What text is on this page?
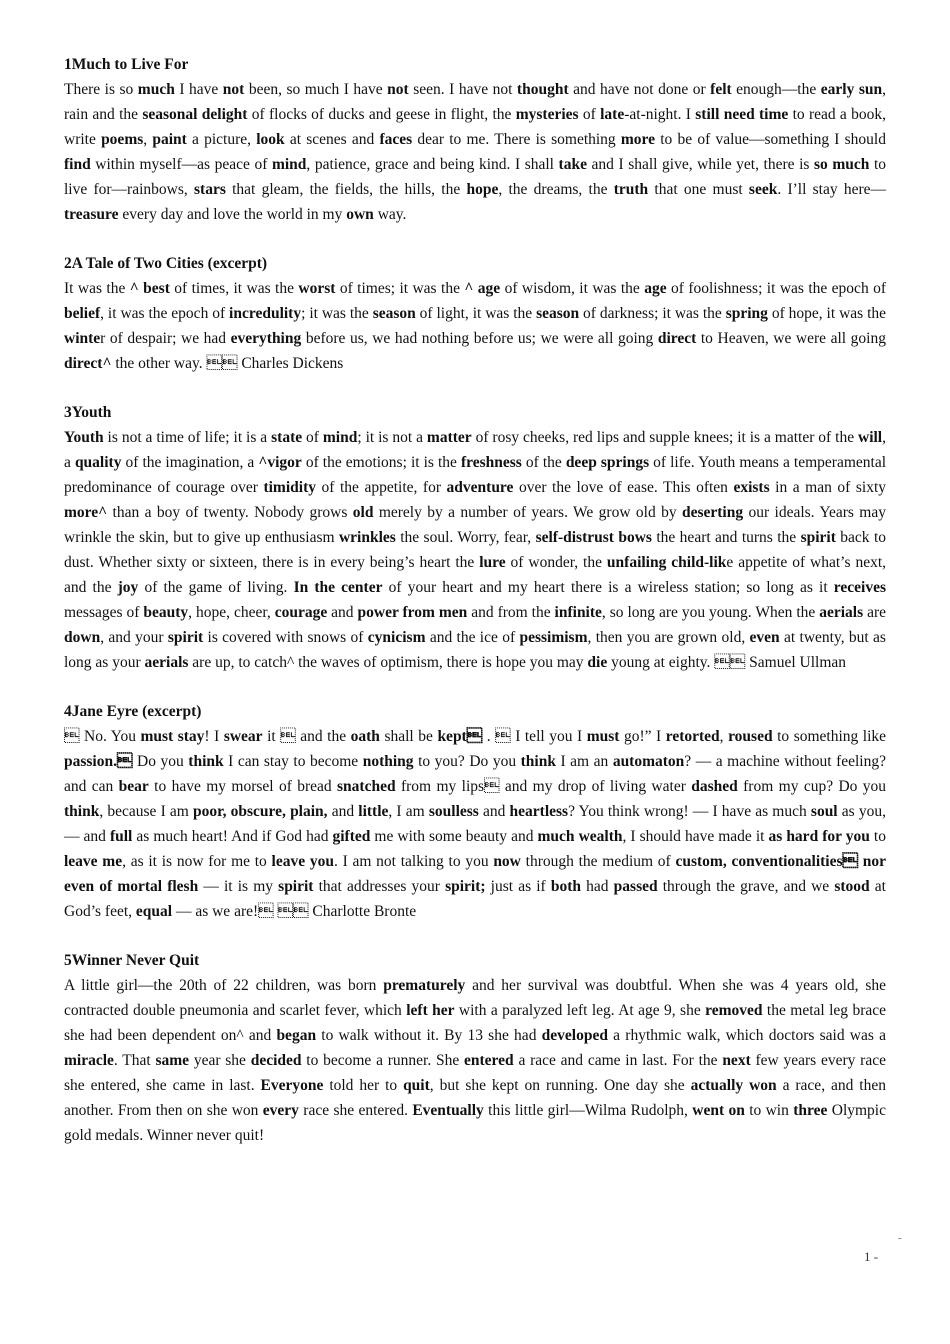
1Much to Live For

There is so much I have not been, so much I have not seen. I have not thought and have not done or felt enough—the early sun, rain and the seasonal delight of flocks of ducks and geese in flight, the mysteries of late-at-night. I still need time to read a book, write poems, paint a picture, look at scenes and faces dear to me. There is something more to be of value—something I should find within myself—as peace of mind, patience, grace and being kind. I shall take and I shall give, while yet, there is so much to live for—rainbows, stars that gleam, the fields, the hills, the hope, the dreams, the truth that one must seek. I’ll stay here—treasure every day and love the world in my own way.

2A Tale of Two Cities (excerpt)

It was the ^ best of times, it was the worst of times; it was the ^ age of wisdom, it was the age of foolishness; it was the epoch of belief, it was the epoch of incredulity; it was the season of light, it was the season of darkness; it was the spring of hope, it was the winter of despair; we had everything before us, we had nothing before us; we were all going direct to Heaven, we were all going direct^ the other way.  Charles Dickens

3Youth

Youth is not a time of life; it is a state of mind; it is not a matter of rosy cheeks, red lips and supple knees; it is a matter of the will, a quality of the imagination, a ^vigor of the emotions; it is the freshness of the deep springs of life. Youth means a temperamental predominance of courage over timidity of the appetite, for adventure over the love of ease. This often exists in a man of sixty more^ than a boy of twenty. Nobody grows old merely by a number of years. We grow old by deserting our ideals. Years may wrinkle the skin, but to give up enthusiasm wrinkles the soul. Worry, fear, self-distrust bows the heart and turns the spirit back to dust. Whether sixty or sixteen, there is in every being’s heart the lure of wonder, the unfailing child-like appetite of what’s next, and the joy of the game of living. In the center of your heart and my heart there is a wireless station; so long as it receives messages of beauty, hope, cheer, courage and power from men and from the infinite, so long are you young. When the aerials are down, and your spirit is covered with snows of cynicism and the ice of pessimism, then you are grown old, even at twenty, but as long as your aerials are up, to catch^ the waves of optimism, there is hope you may die young at eighty.  Samuel Ullman

4Jane Eyre (excerpt)

 No. You must stay! I swear it  and the oath shall be kept .  I tell you I must go!” I retorted, roused to something like passion. Do you think I can stay to become nothing to you? Do you think I am an automaton? — a machine without feeling? and can bear to have my morsel of bread snatched from my lips and my drop of living water dashed from my cup? Do you think, because I am poor, obscure, plain, and little, I am soulless and heartless? You think wrong! — I have as much soul as you, — and full as much heart! And if God had gifted me with some beauty and much wealth, I should have made it as hard for you to leave me, as it is now for me to leave you. I am not talking to you now through the medium of custom, conventionalities nor even of mortal flesh — it is my spirit that addresses your spirit; just as if both had passed through the grave, and we stood at God’s feet, equal — as we are!  Charlotte Bronte

5Winner Never Quit

A little girl—the 20th of 22 children, was born prematurely and her survival was doubtful. When she was 4 years old, she contracted double pneumonia and scarlet fever, which left her with a paralyzed left leg. At age 9, she removed the metal leg brace she had been dependent on^ and began to walk without it. By 13 she had developed a rhythmic walk, which doctors said was a miracle. That same year she decided to become a runner. She entered a race and came in last. For the next few years every race she entered, she came in last. Everyone told her to quit, but she kept on running. One day she actually won a race, and then another. From then on she won every race she entered. Eventually this little girl—Wilma Rudolph, went on to win three Olympic gold medals. Winner never quit!

-
1 -
